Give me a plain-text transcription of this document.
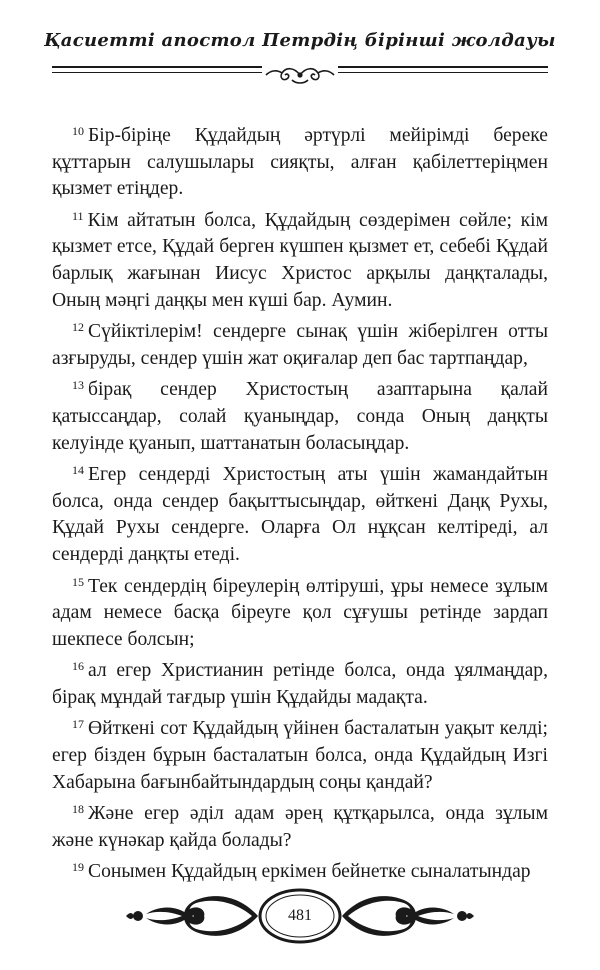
Қасиетті апостол Петрдің бірінші жолдауы

$^{10}$ Бір-біріңе Құдайдың әртүрлі мейірімді береке құттарын салушылары сияқты, алған қабілеттеріңмен қызмет етіңдер.

$^{11}$ Кім айтатын болса, Құдайдың сөздерімен сөйле; кім қызмет етсе, Құдай берген күшпен қызмет ет, себебі Құдай барлық жағынан Иисус Христос арқылы даңқталады, Оның мәңгі даңқы мен күші бар. Аумин.

$^{12}$ Сүйіктілерім! сендерге сынақ үшін жіберілген отты азғыруды, сендер үшін жат оқиғалар деп бас тартпаңдар,

$^{13}$ бірақ сендер Христостың азаптарына қалай қатыссаңдар, солай қуаныңдар, сонда Оның даңқты келуінде қуанып, шаттанатын боласыңдар.

$^{14}$ Егер сендерді Христостың аты үшін жамандайтын болса, онда сендер бақыттысыңдар, өйткені Даңқ Рухы, Құдай Рухы сендерге. Оларға Ол нұқсан келтіреді, ал сендерді даңқты етеді.

$^{15}$ Тек сендердің біреулерің өлтіруші, ұры немесе зұлым адам немесе басқа біреуге қол сұғушы ретінде зардап шекпесе болсын;

$^{16}$ ал егер Христианин ретінде болса, онда ұялмаңдар, бірақ мұндай тағдыр үшін Құдайды мадақта.

$^{17}$ Өйткені сот Құдайдың үйінен басталатын уақыт келді; егер бізден бұрын басталатын болса, онда Құдайдың Изгі Хабарына бағынбайтындардың соңы қандай?

$^{18}$ Және егер әділ адам әрең құтқарылса, онда зұлым және күнәкар қайда болады?

$^{19}$ Сонымен Құдайдың еркімен бейнетке сыналатындар

481
